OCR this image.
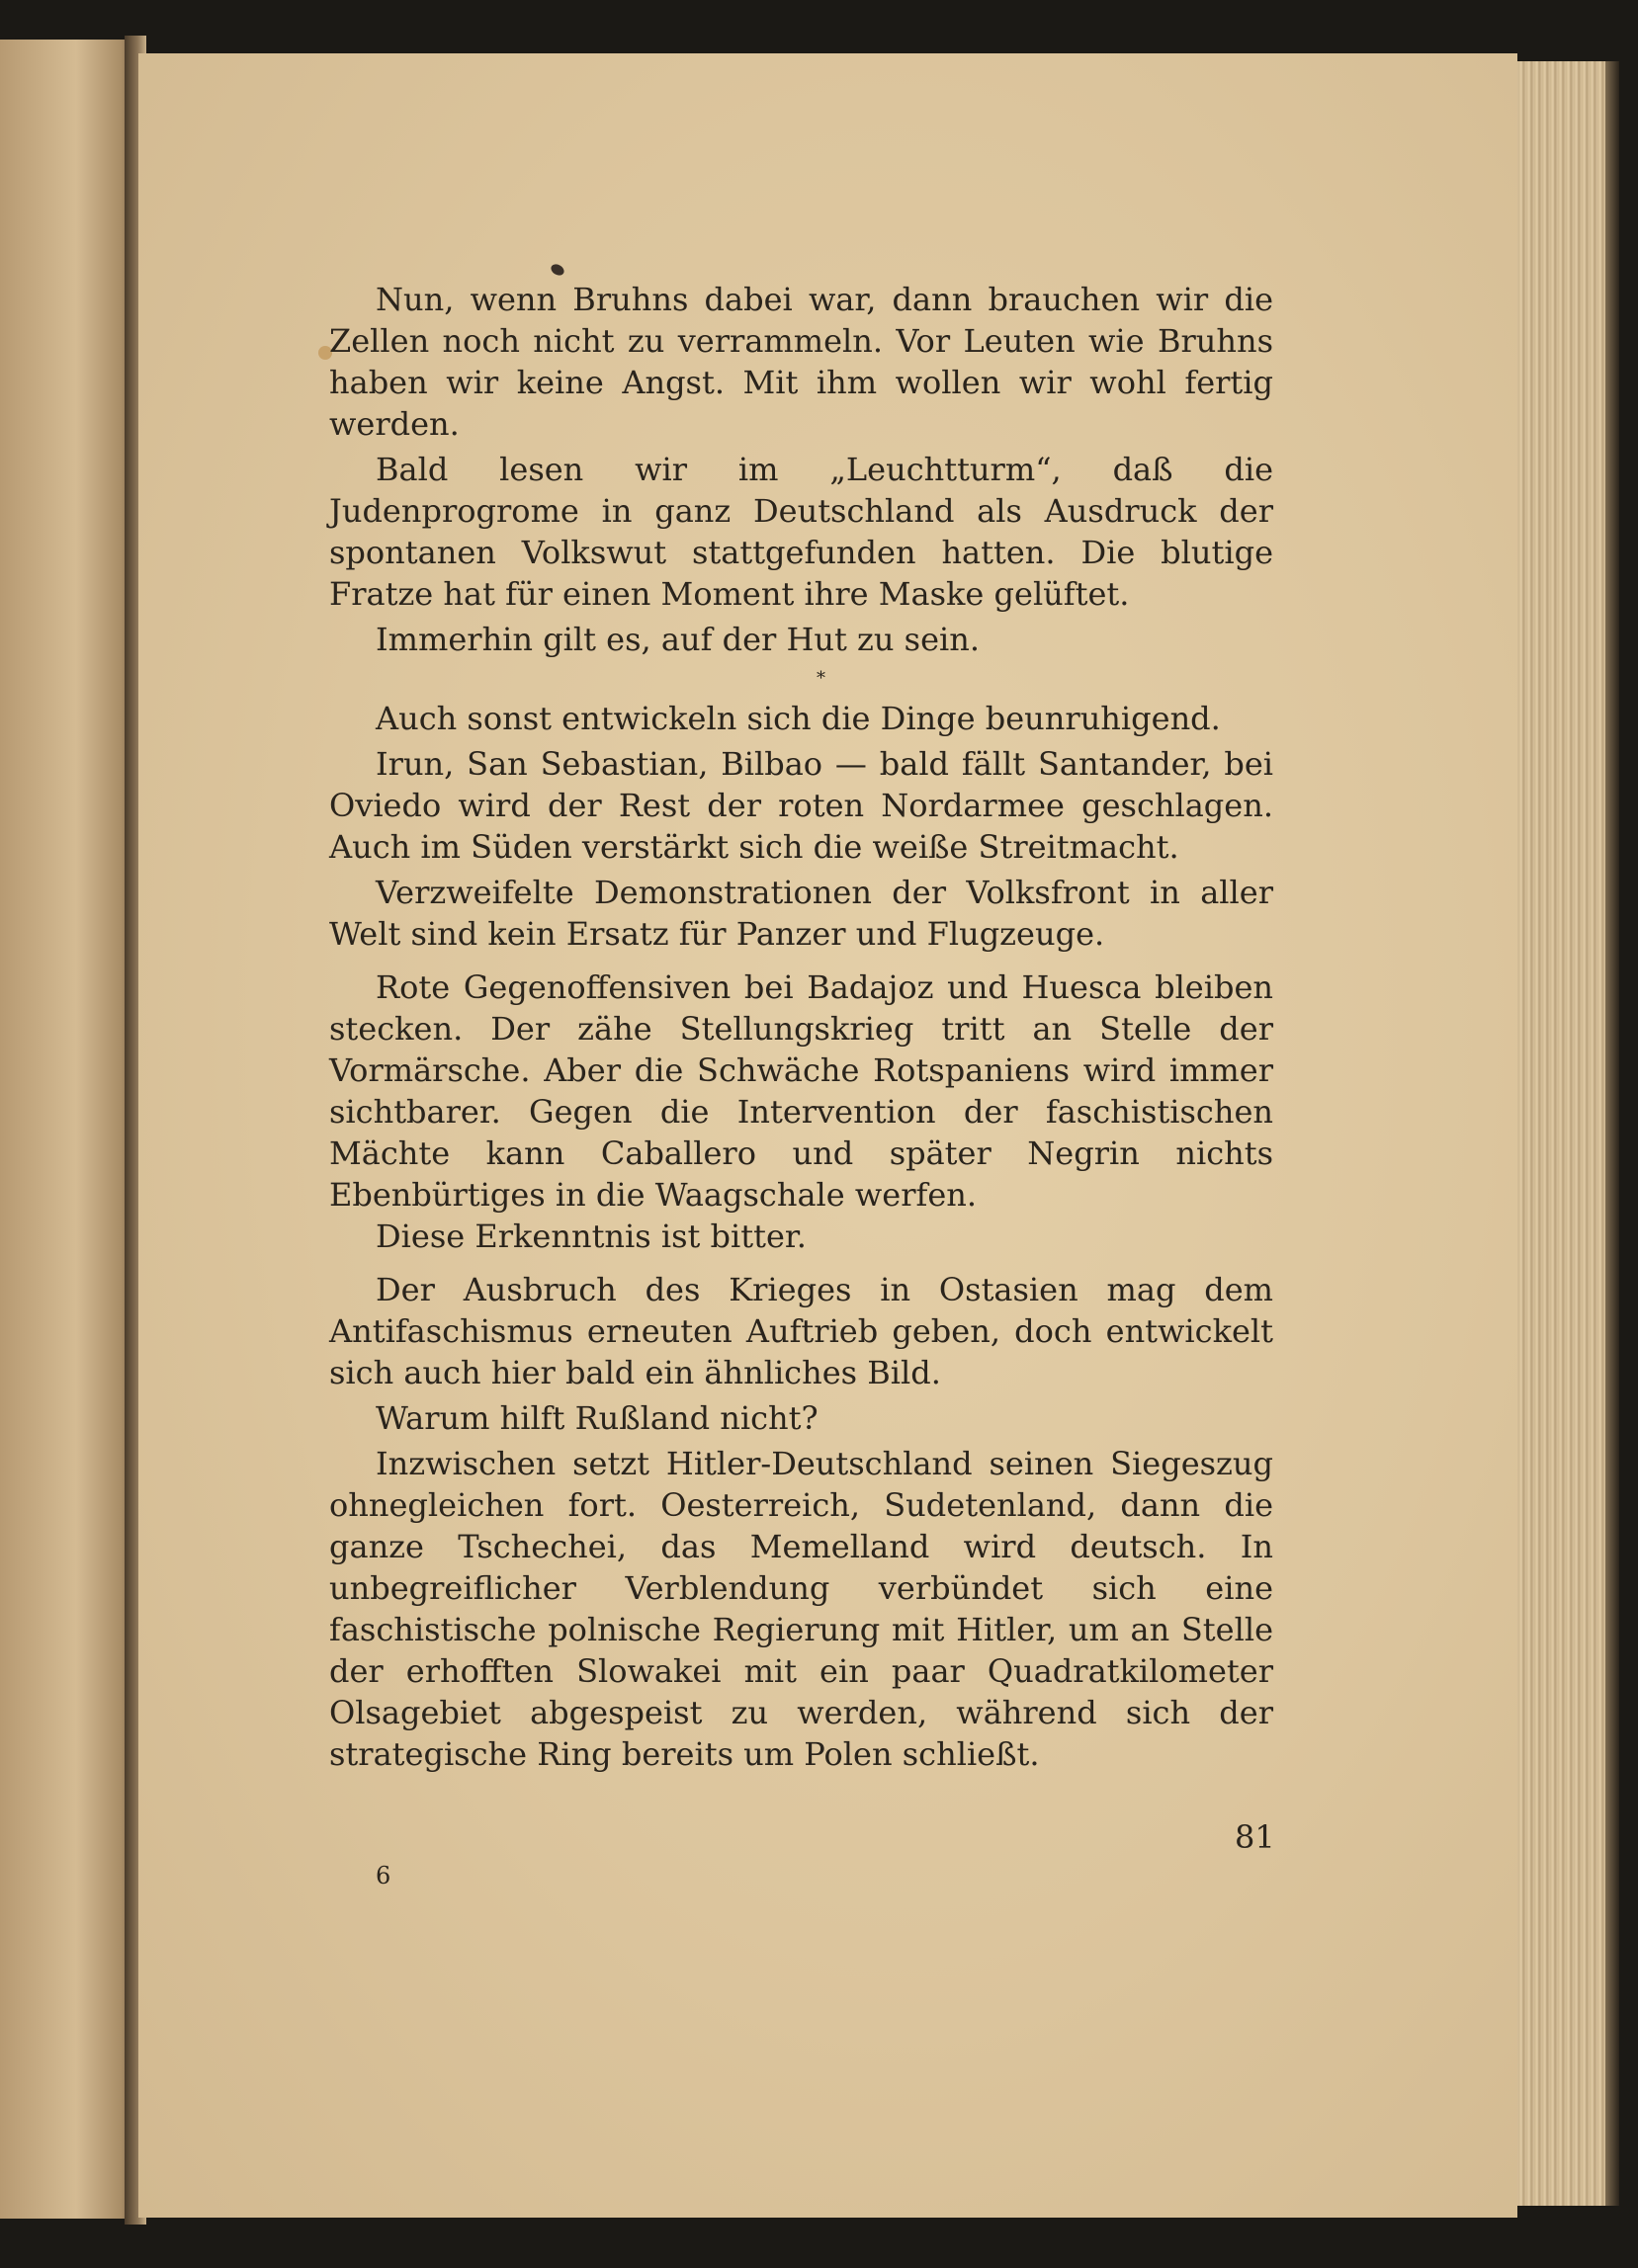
Nun, wenn Bruhns dabei war, dann brauchen wir die Zellen noch nicht zu verrammeln. Vor Leuten wie Bruhns haben wir keine Angst. Mit ihm wollen wir wohl fertig werden.

Bald lesen wir im „Leuchtturm“, daß die Judenprogrome in ganz Deutschland als Ausdruck der spontanen Volkswut stattgefunden hatten. Die blutige Fratze hat für einen Moment ihre Maske gelüftet.

Immerhin gilt es, auf der Hut zu sein.

*

Auch sonst entwickeln sich die Dinge beunruhigend.

Irun, San Sebastian, Bilbao — bald fällt Santander, bei Oviedo wird der Rest der roten Nordarmee geschlagen. Auch im Süden verstärkt sich die weiße Streitmacht.

Verzweifelte Demonstrationen der Volksfront in aller Welt sind kein Ersatz für Panzer und Flugzeuge.

Rote Gegenoffensiven bei Badajoz und Huesca bleiben stecken. Der zähe Stellungskrieg tritt an Stelle der Vormärsche. Aber die Schwäche Rotspaniens wird immer sichtbarer. Gegen die Intervention der faschistischen Mächte kann Caballero und später Negrin nichts Ebenbürtiges in die Waagschale werfen.

Diese Erkenntnis ist bitter.

Der Ausbruch des Krieges in Ostasien mag dem Antifaschismus erneuten Auftrieb geben, doch entwickelt sich auch hier bald ein ähnliches Bild.

Warum hilft Rußland nicht?

Inzwischen setzt Hitler-Deutschland seinen Siegeszug ohnegleichen fort. Oesterreich, Sudetenland, dann die ganze Tschechei, das Memelland wird deutsch. In unbegreiflicher Verblendung verbündet sich eine faschistische polnische Regierung mit Hitler, um an Stelle der erhofften Slowakei mit ein paar Quadratkilometer Olsagebiet abgespeist zu werden, während sich der strategische Ring bereits um Polen schließt.

81
6
